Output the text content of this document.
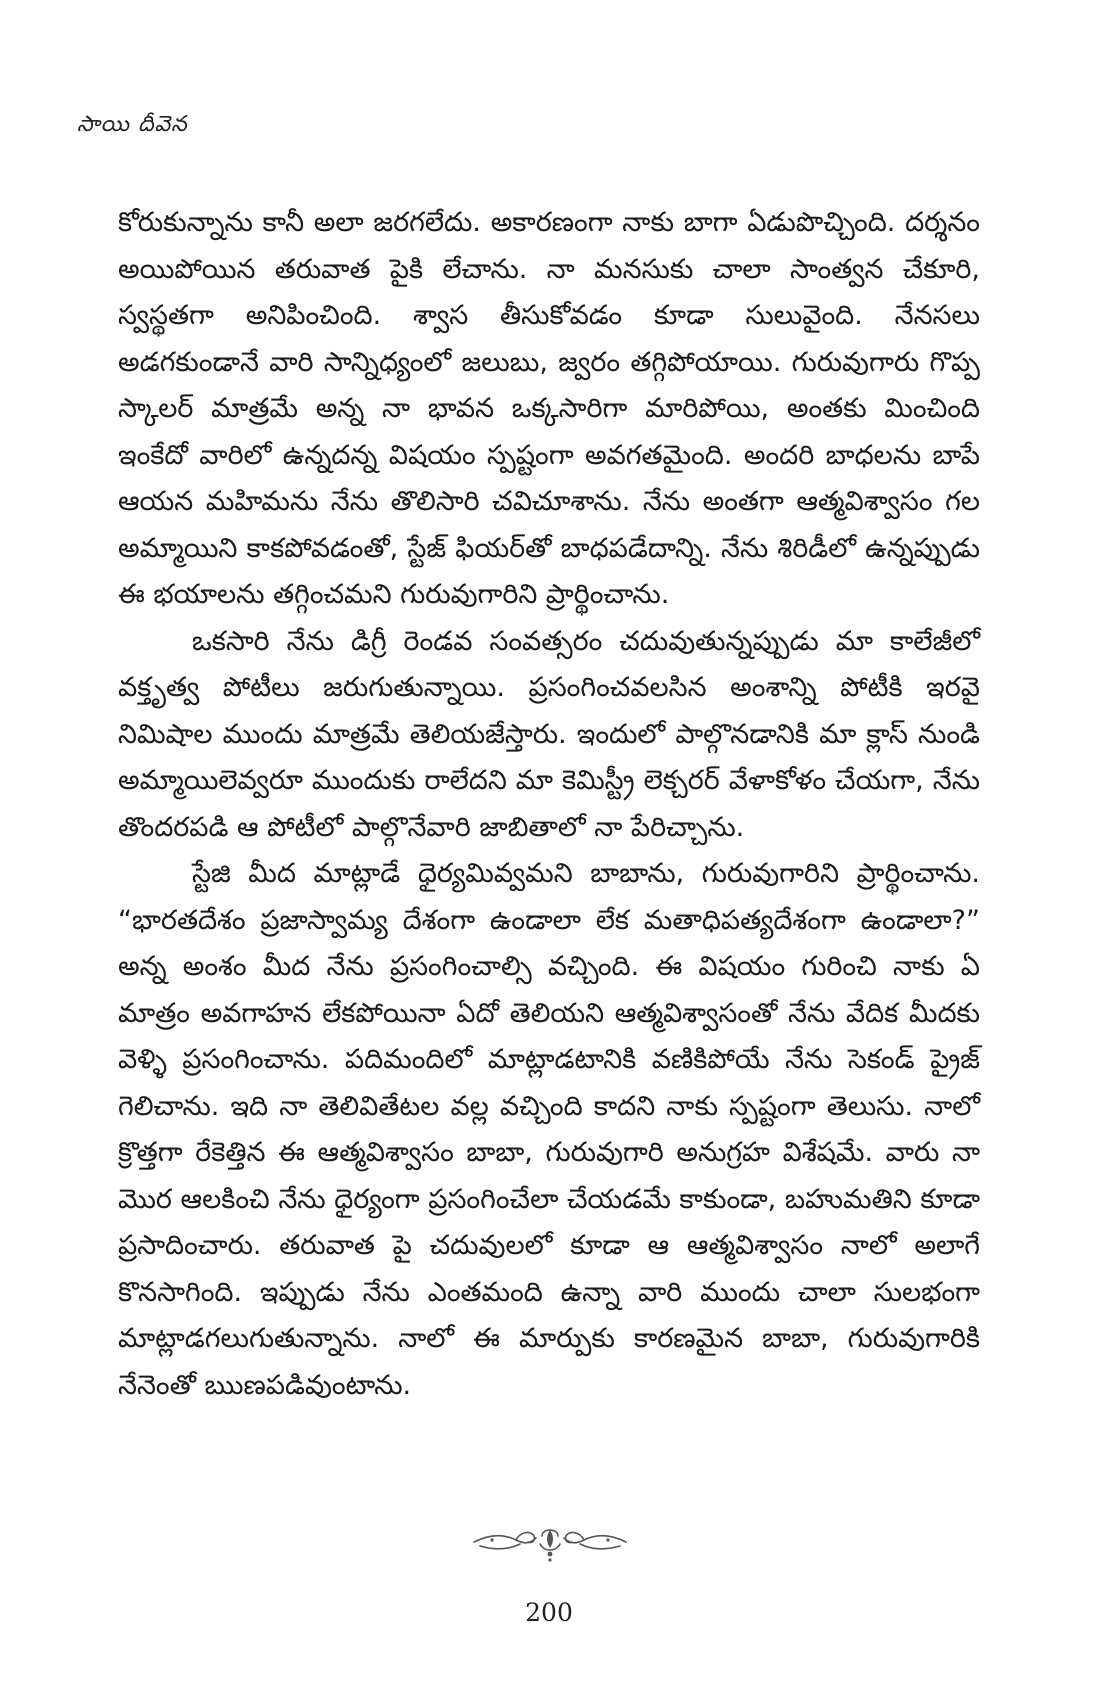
సాయి దీవెన

కోరుకున్నాను కానీ అలా జరగలేదు. అకారణంగా నాకు బాగా ఏడుపొచ్చింది. దర్శనం అయిపోయిన తరువాత పైకి లేచాను. నా మనసుకు చాలా సాంత్వన చేకూరి, స్వస్థతగా అనిపించింది. శ్వాస తీసుకోవడం కూడా సులువైంది. నేనసలు అడగకుండానే వారి సాన్నిధ్యంలో జలుబు, జ్వరం తగ్గిపోయాయి. గురువుగారు గొప్ప స్కాలర్ మాత్రమే అన్న నా భావన ఒక్కసారిగా మారిపోయి, అంతకు మించింది ఇంకేదో వారిలో ఉన్నదన్న విషయం స్పష్టంగా అవగతమైంది. అందరి బాధలను బాపే ఆయన మహిమను నేను తొలిసారి చవిచూశాను. నేను అంతగా ఆత్మవిశ్వాసం గల అమ్మాయిని కాకపోవడంతో, స్టేజ్ ఫియర్‌తో బాధపడేదాన్ని. నేను శిరిడీలో ఉన్నప్పుడు ఈ భయాలను తగ్గించమని గురువుగారిని ప్రార్థించాను.

ఒకసారి నేను డిగ్రీ రెండవ సంవత్సరం చదువుతున్నప్పుడు మా కాలేజీలో వక్తృత్వ పోటీలు జరుగుతున్నాయి. ప్రసంగించవలసిన అంశాన్ని పోటీకి ఇరవై నిమిషాల ముందు మాత్రమే తెలియజేస్తారు. ఇందులో పాల్గొనడానికి మా క్లాస్ నుండి అమ్మాయిలెవ్వరూ ముందుకు రాలేదని మా కెమిస్ట్రీ లెక్చరర్ వేళాకోళం చేయగా, నేను తొందరపడి ఆ పోటీలో పాల్గొనేవారి జాబితాలో నా పేరిచ్చాను.

స్టేజి మీద మాట్లాడే ధైర్యమివ్వమని బాబాను, గురువుగారిని ప్రార్థించాను. “భారతదేశం ప్రజాస్వామ్య దేశంగా ఉండాలా లేక మతాధిపత్యదేశంగా ఉండాలా?” అన్న అంశం మీద నేను ప్రసంగించాల్సి వచ్చింది. ఈ విషయం గురించి నాకు ఏ మాత్రం అవగాహన లేకపోయినా ఏదో తెలియని ఆత్మవిశ్వాసంతో నేను వేదిక మీదకు వెళ్ళి ప్రసంగించాను. పదిమందిలో మాట్లాడటానికి వణికిపోయే నేను సెకండ్ ప్రైజ్ గెలిచాను. ఇది నా తెలివితేటల వల్ల వచ్చింది కాదని నాకు స్పష్టంగా తెలుసు. నాలో క్రొత్తగా రేకెత్తిన ఈ ఆత్మవిశ్వాసం బాబా, గురువుగారి అనుగ్రహ విశేషమే. వారు నా మొర ఆలకించి నేను ధైర్యంగా ప్రసంగించేలా చేయడమే కాకుండా, బహుమతిని కూడా ప్రసాదించారు. తరువాత పై చదువులలో కూడా ఆ ఆత్మవిశ్వాసం నాలో అలాగే కొనసాగింది. ఇప్పుడు నేను ఎంతమంది ఉన్నా వారి ముందు చాలా సులభంగా మాట్లాడగలుగుతున్నాను. నాలో ఈ మార్పుకు కారణమైన బాబా, గురువుగారికి నేనెంతో ఋణపడివుంటాను.

200
